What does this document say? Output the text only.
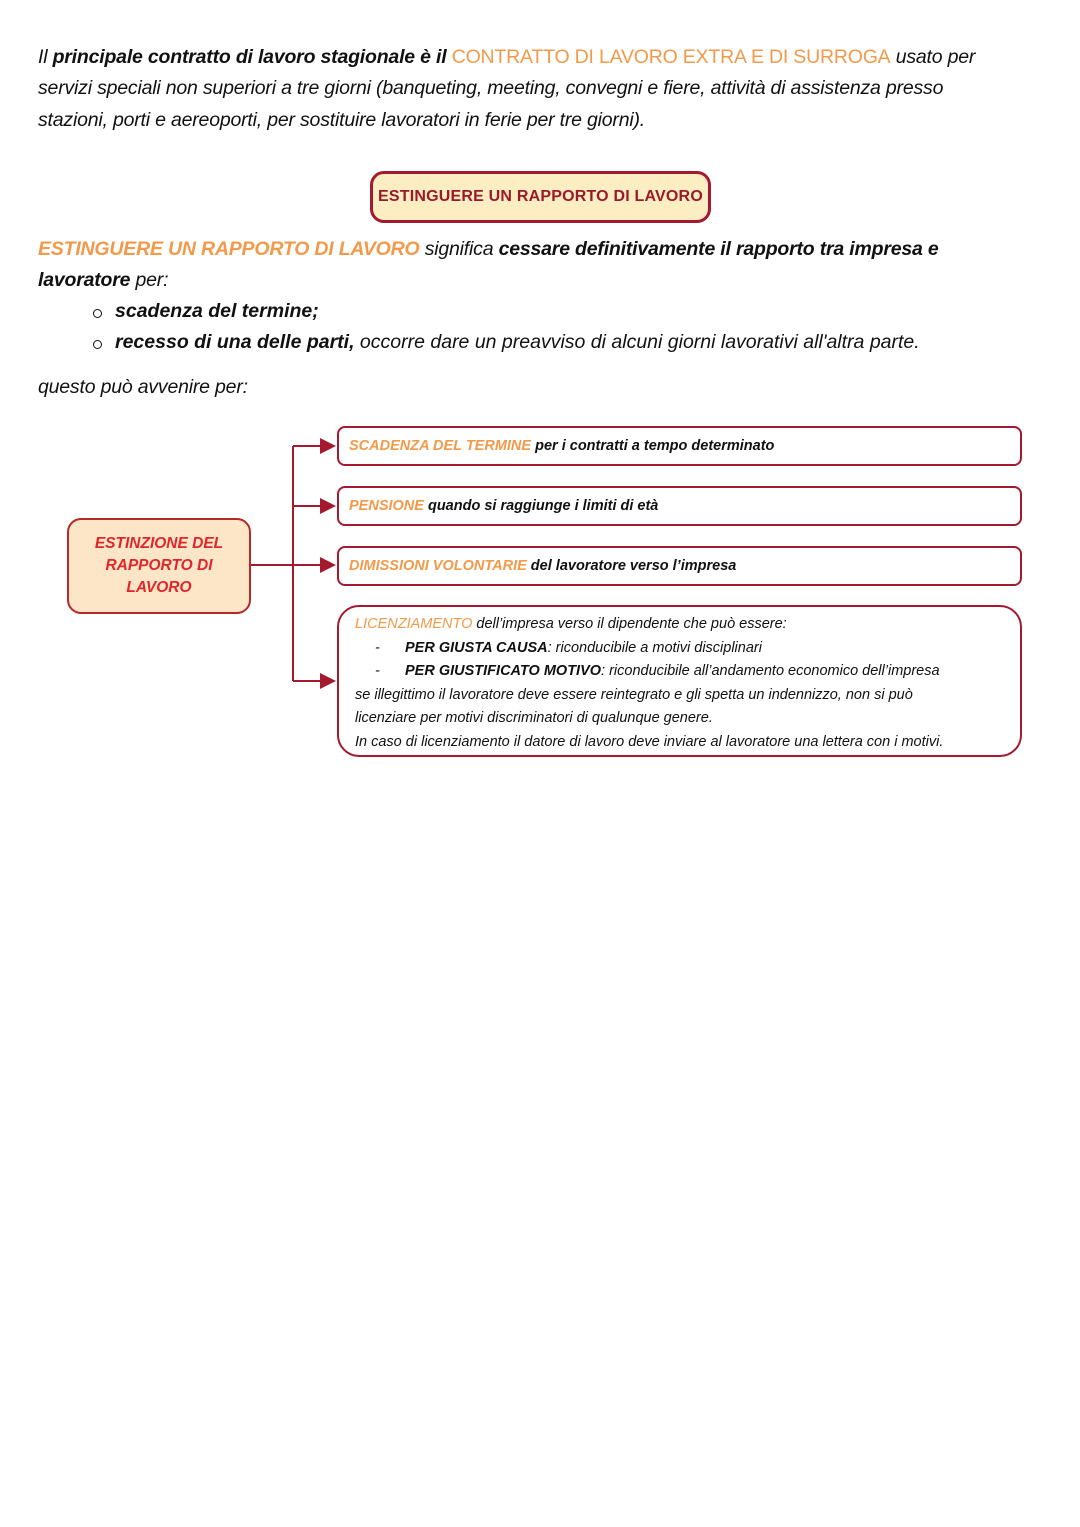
Il principale contratto di lavoro stagionale è il CONTRATTO DI LAVORO EXTRA E DI SURROGA usato per
servizi speciali non superiori a tre giorni (banqueting, meeting, convegni e fiere, attività di assistenza presso
stazioni, porti e aereoporti, per sostituire lavoratori in ferie per tre giorni).
ESTINGUERE UN RAPPORTO DI LAVORO
ESTINGUERE UN RAPPORTO DI LAVORO significa cessare definitivamente il rapporto tra impresa e
lavoratore per:
scadenza del termine;
recesso di una delle parti, occorre dare un preavviso di alcuni giorni lavorativi all'altra parte.
questo può avvenire per:
ESTINZIONE DEL
RAPPORTO DI
LAVORO
SCADENZA DEL TERMINE per i contratti a tempo determinato
PENSIONE quando si raggiunge i limiti di età
DIMISSIONI VOLONTARIE del lavoratore verso l’impresa
LICENZIAMENTO dell’impresa verso il dipendente che può essere:
- PER GIUSTA CAUSA: riconducibile a motivi disciplinari
- PER GIUSTIFICATO MOTIVO: riconducibile all’andamento economico dell’impresa
se illegittimo il lavoratore deve essere reintegrato e gli spetta un indennizzo, non si può
licenziare per motivi discriminatori di qualunque genere.
In caso di licenziamento il datore di lavoro deve inviare al lavoratore una lettera con i motivi.
